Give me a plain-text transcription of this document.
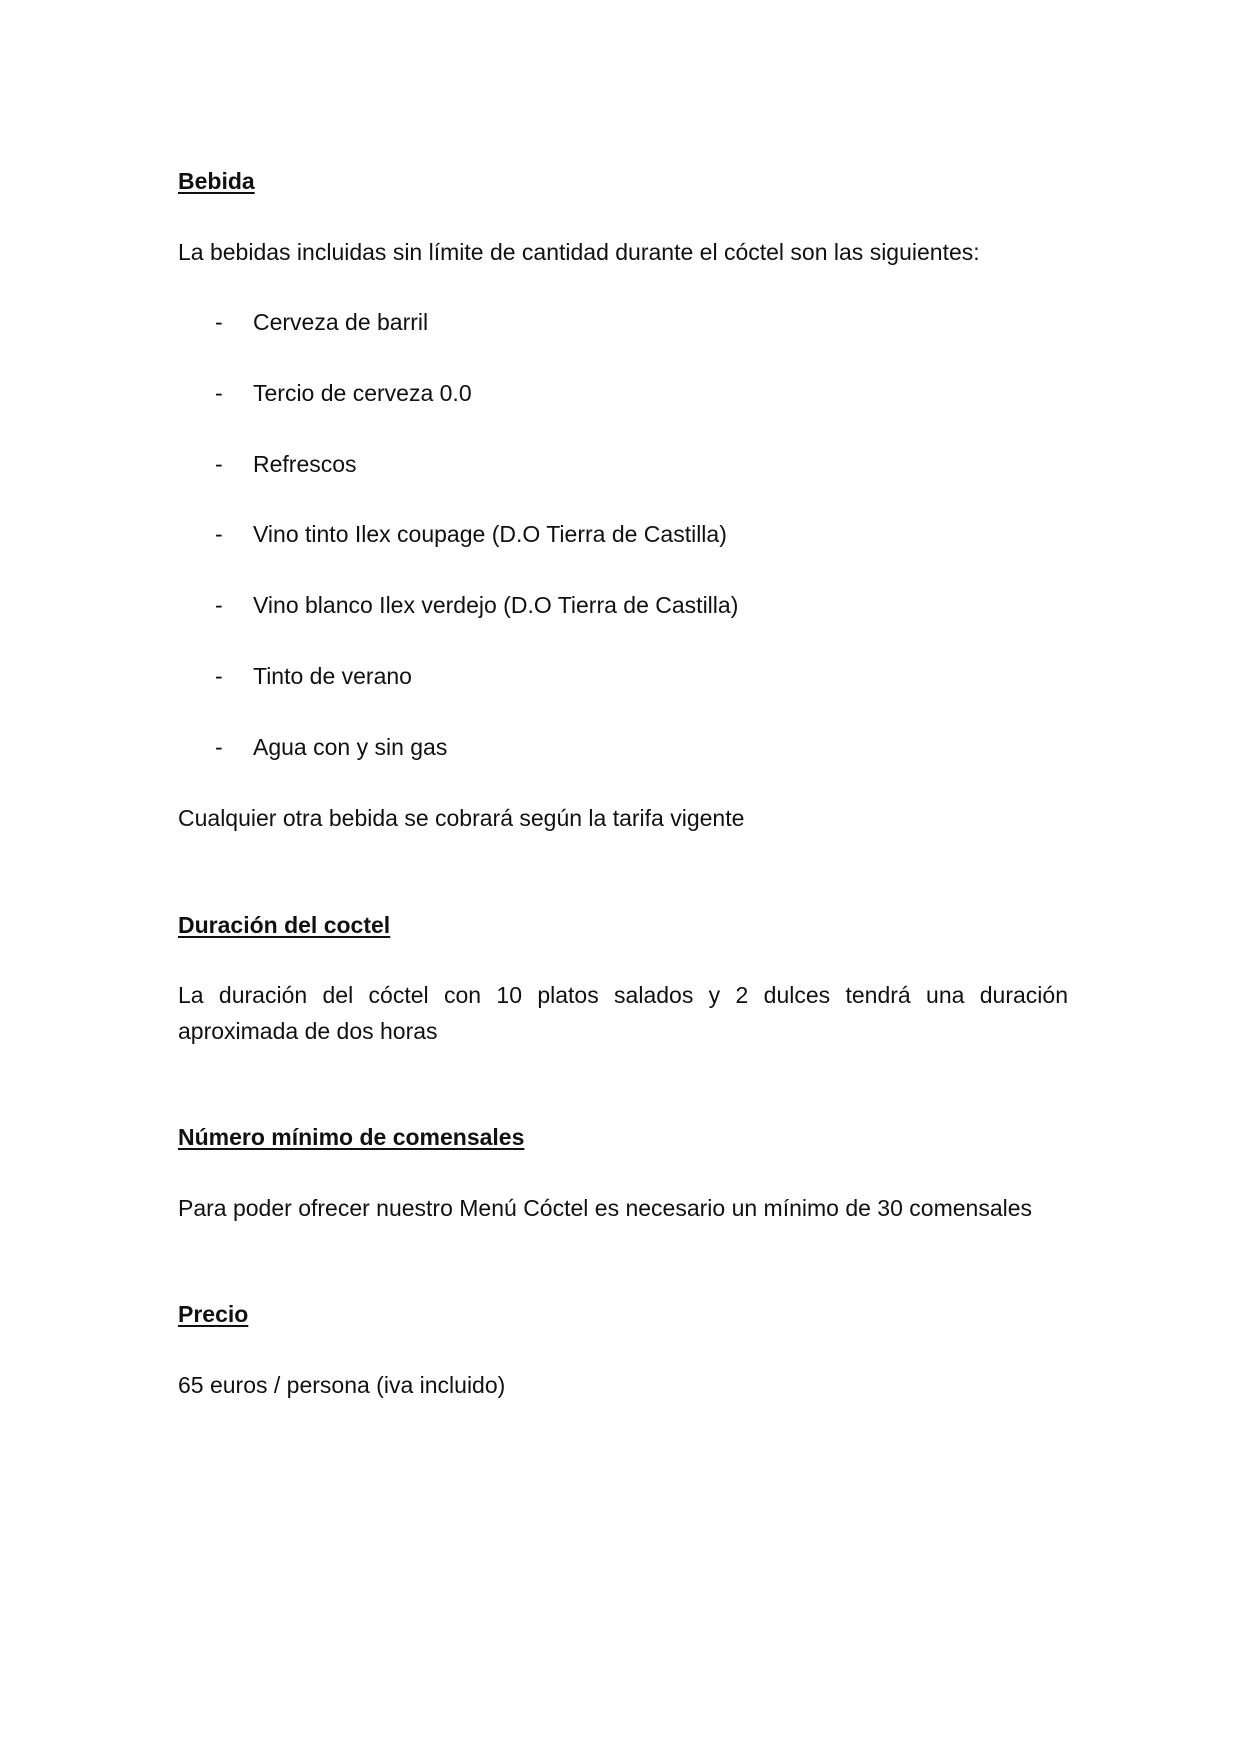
Bebida
La bebidas incluidas sin límite de cantidad durante el cóctel son las siguientes:
- Cerveza de barril
- Tercio de cerveza 0.0
- Refrescos
- Vino tinto Ilex coupage (D.O Tierra de Castilla)
- Vino blanco Ilex verdejo (D.O Tierra de Castilla)
- Tinto de verano
- Agua con y sin gas
Cualquier otra bebida se cobrará según la tarifa vigente
Duración del coctel
La duración del cóctel con 10 platos salados y 2 dulces tendrá una duración aproximada de dos horas
Número mínimo de comensales
Para poder ofrecer nuestro Menú Cóctel es necesario un mínimo de 30 comensales
Precio
65 euros / persona (iva incluido)
